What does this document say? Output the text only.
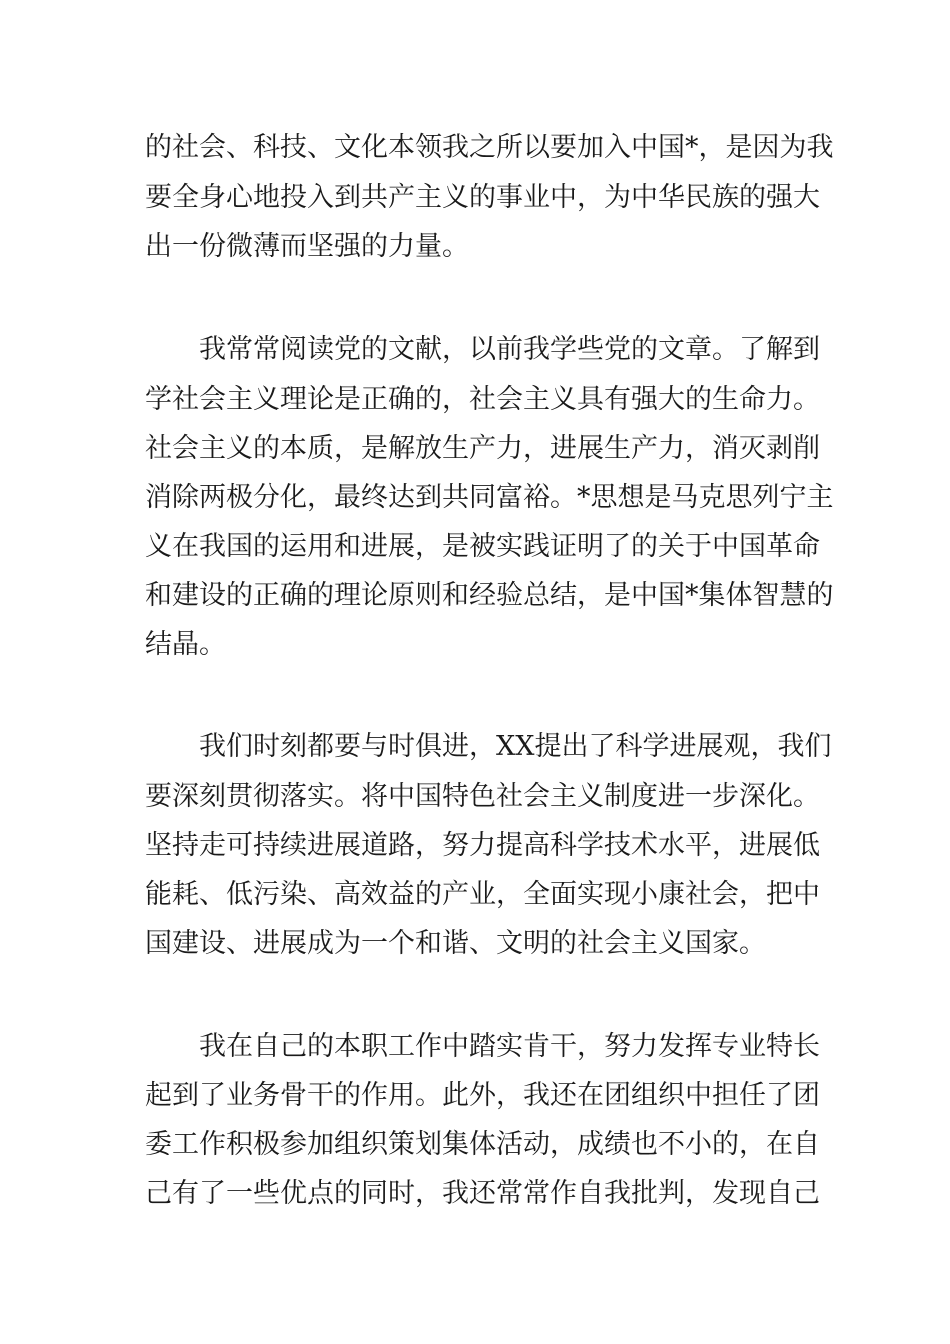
的社会、科技、文化本领我之所以要加入中国*，是因为我
要全身心地投入到共产主义的事业中，为中华民族的强大
出一份微薄而坚强的力量。
我常常阅读党的文献，以前我学些党的文章。了解到
学社会主义理论是正确的，社会主义具有强大的生命力。
社会主义的本质，是解放生产力，进展生产力，消灭剥削
消除两极分化，最终达到共同富裕。*思想是马克思列宁主
义在我国的运用和进展，是被实践证明了的关于中国革命
和建设的正确的理论原则和经验总结，是中国*集体智慧的
结晶。
我们时刻都要与时俱进，XX提出了科学进展观，我们
要深刻贯彻落实。将中国特色社会主义制度进一步深化。
坚持走可持续进展道路，努力提高科学技术水平，进展低
能耗、低污染、高效益的产业，全面实现小康社会，把中
国建设、进展成为一个和谐、文明的社会主义国家。
我在自己的本职工作中踏实肯干，努力发挥专业特长
起到了业务骨干的作用。此外，我还在团组织中担任了团
委工作积极参加组织策划集体活动，成绩也不小的，在自
己有了一些优点的同时，我还常常作自我批判，发现自己
